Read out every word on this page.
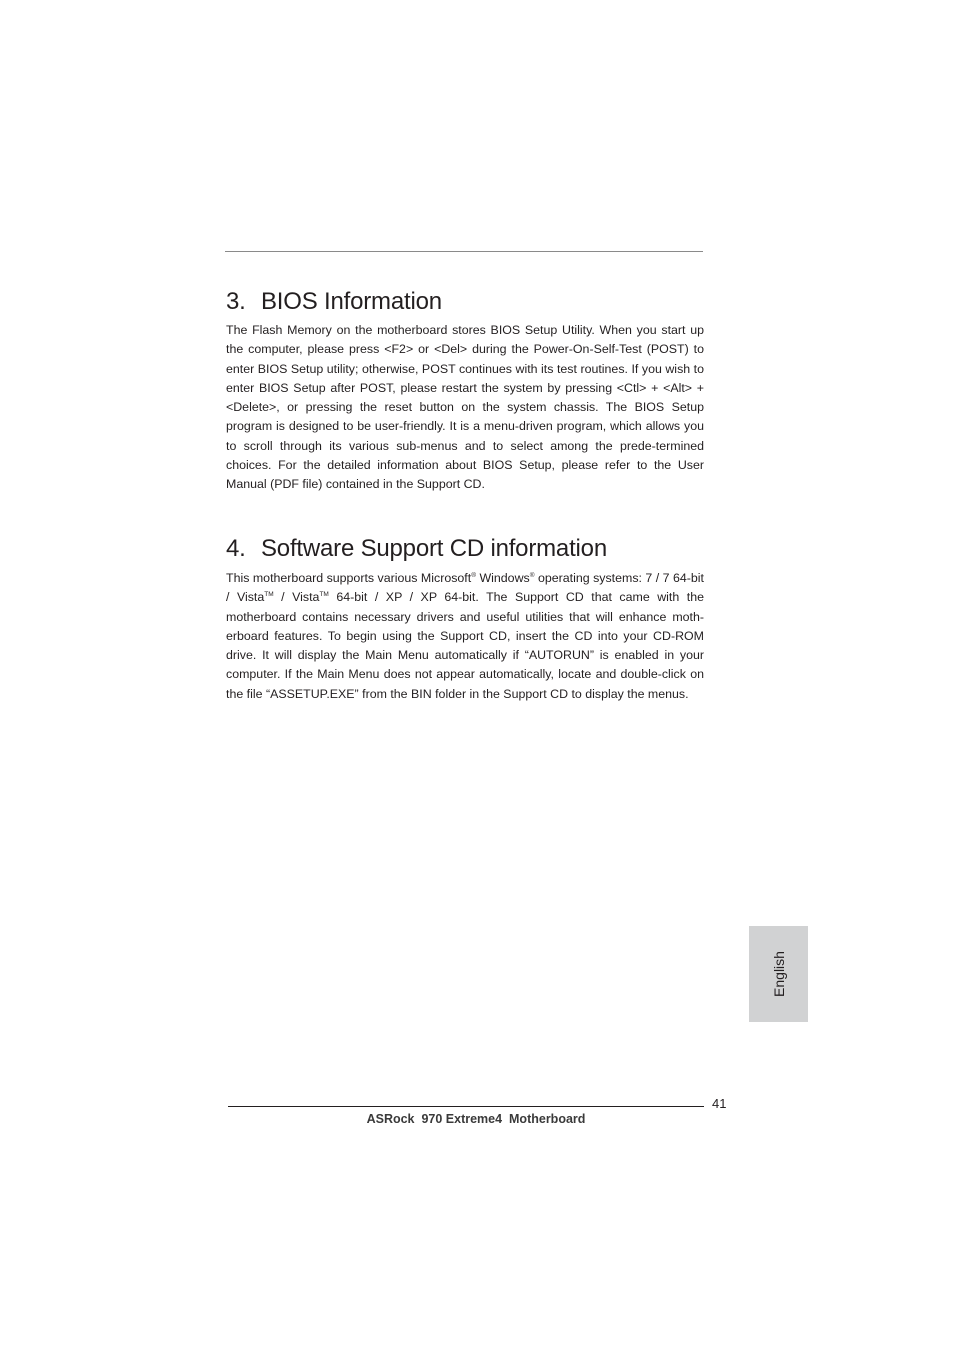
3. BIOS Information

The Flash Memory on the motherboard stores BIOS Setup Utility. When you start up the computer, please press <F2> or <Del> during the Power-On-Self-Test (POST) to enter BIOS Setup utility; otherwise, POST continues with its test routines. If you wish to enter BIOS Setup after POST, please restart the system by pressing <Ctl> + <Alt> + <Delete>, or pressing the reset button on the system chassis. The BIOS Setup program is designed to be user-friendly. It is a menu-driven program, which allows you to scroll through its various sub-menus and to select among the prede-termined choices. For the detailed information about BIOS Setup, please refer to the User Manual (PDF file) contained in the Support CD.

4. Software Support CD information

This motherboard supports various Microsoft® Windows® operating systems: 7 / 7 64-bit / Vista™ / Vista™ 64-bit / XP / XP 64-bit. The Support CD that came with the motherboard contains necessary drivers and useful utilities that will enhance moth-erboard features. To begin using the Support CD, insert the CD into your CD-ROM drive. It will display the Main Menu automatically if “AUTORUN” is enabled in your computer. If the Main Menu does not appear automatically, locate and double-click on the file “ASSETUP.EXE” from the BIN folder in the Support CD to display the menus.

English
41
ASRock  970 Extreme4  Motherboard
